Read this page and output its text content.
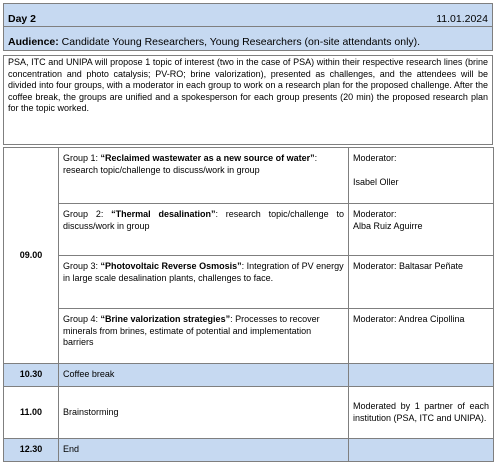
Day 2	11.01.2024

Audience: Candidate Young Researchers, Young Researchers (on-site attendants only).
PSA, ITC and UNIPA will propose 1 topic of interest (two in the case of PSA) within their respective research lines (brine concentration and photo catalysis; PV-RO; brine valorization), presented as challenges, and the attendees will be divided into four groups, with a moderator in each group to work on a research plan for the proposed challenge. After the coffee break, the groups are unified and a spokesperson for each group presents (20 min) the proposed research plan for the topic worked.
09.00	Group 1: “Reclaimed wastewater as a new source of water”: research topic/challenge to discuss/work in group	Moderator:
Isabel Oller

	Group 2: “Thermal desalination”: research topic/challenge to discuss/work in group	Moderator:
Alba Ruiz Aguirre

	Group 3: “Photovoltaic Reverse Osmosis”: Integration of PV energy in large scale desalination plants, challenges to face.	Moderator: Baltasar Peñate
	Group 4: “Brine valorization strategies”: Processes to recover minerals from brines, estimate of potential and implementation barriers	Moderator: Andrea Cipollina
10.30	Coffee break	
11.00	Brainstorming	Moderated by 1 partner of each institution (PSA, ITC and UNIPA).
12.30	End	
